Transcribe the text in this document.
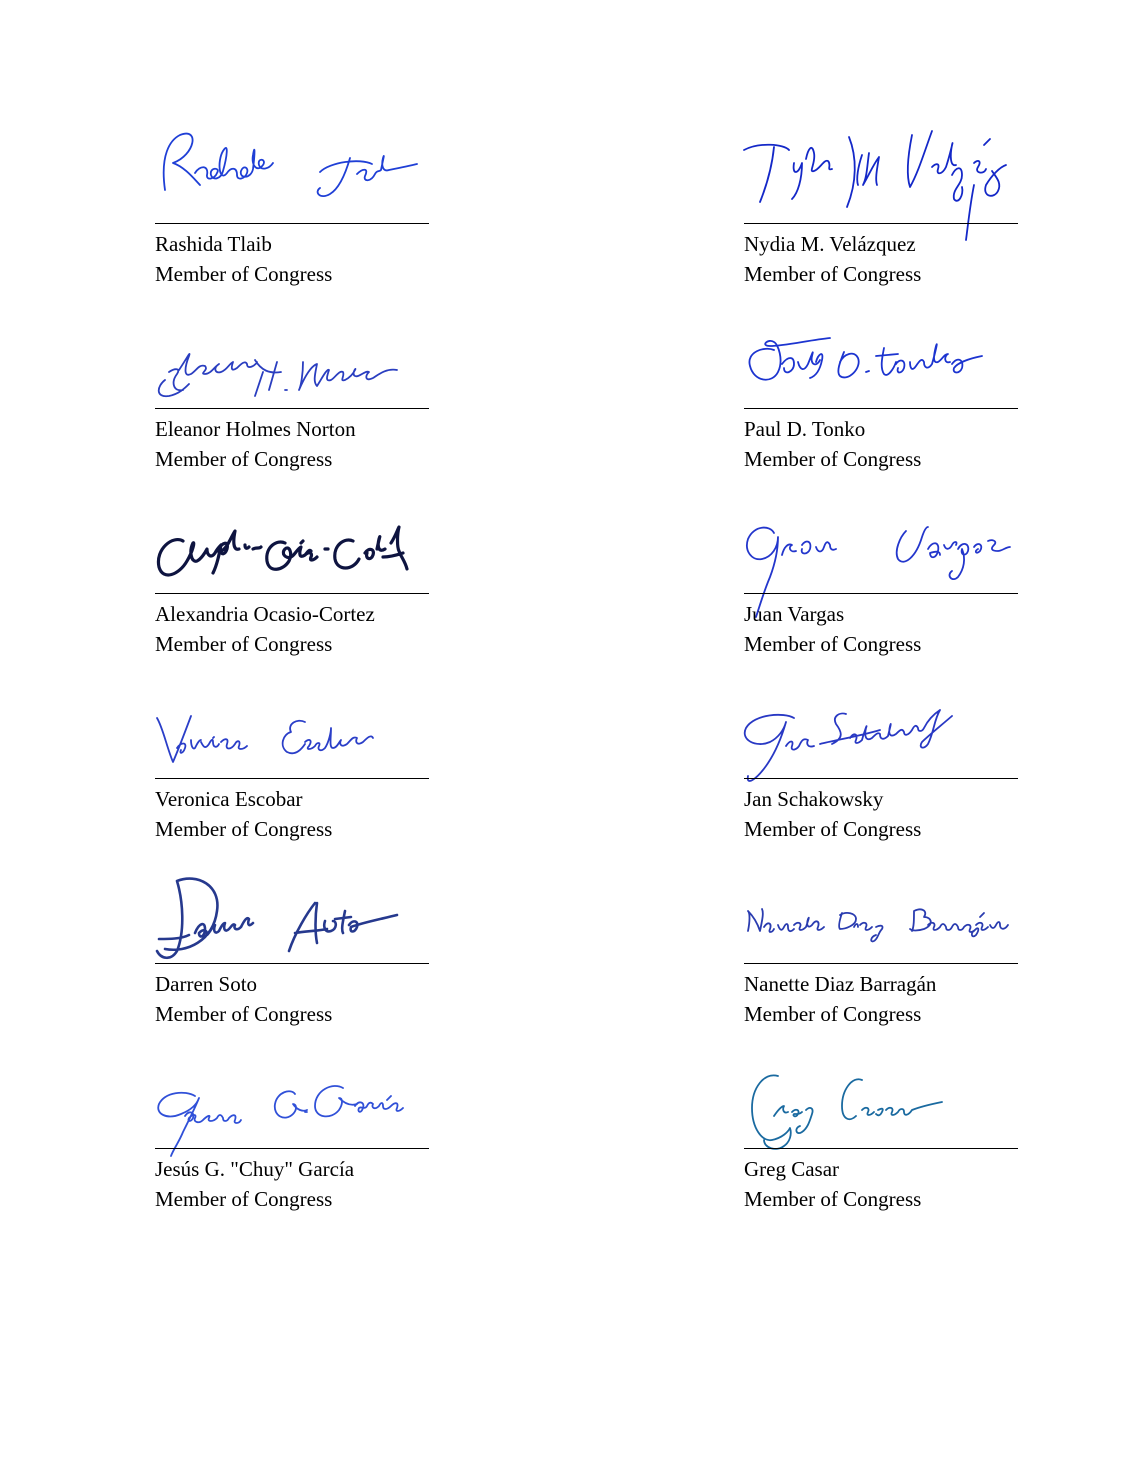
Rashida Tlaib
Member of Congress
Nydia M. Velázquez
Member of Congress
Eleanor Holmes Norton
Member of Congress
Paul D. Tonko
Member of Congress
Alexandria Ocasio-Cortez
Member of Congress
Juan Vargas
Member of Congress
Veronica Escobar
Member of Congress
Jan Schakowsky
Member of Congress
Darren Soto
Member of Congress
Nanette Diaz Barragán
Member of Congress
Jesús G. "Chuy" García
Member of Congress
Greg Casar
Member of Congress
